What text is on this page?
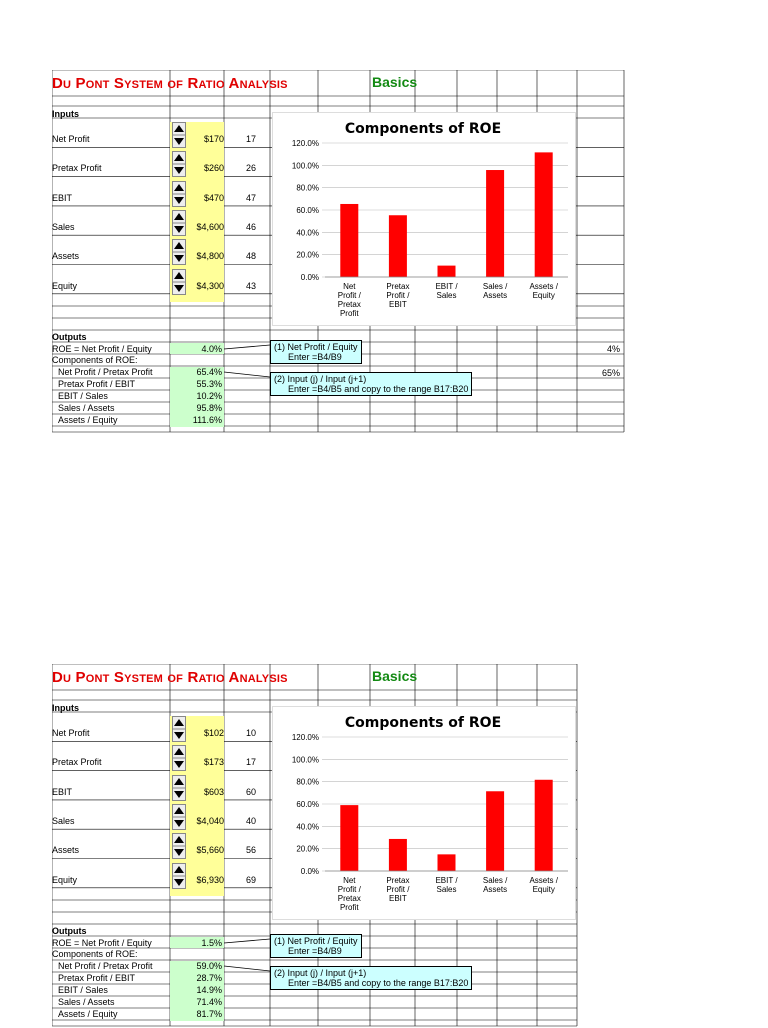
Du Pont System of Ratio Analysis	Basics
Inputs
Net Profit	$170	17
Pretax Profit	$260	26
EBIT	$470	47
Sales	$4,600	46
Assets	$4,800	48
Equity	$4,300	43
Outputs
ROE = Net Profit / Equity	4.0%
Components of ROE:
Net Profit / Pretax Profit	65.4%
Pretax Profit / EBIT	55.3%
EBIT / Sales	10.2%
Sales / Assets	95.8%
Assets / Equity	111.6%
4%
65%
(1) Net Profit / Equity
Enter =B4/B9
(2) Input (j) / Input (j+1)
Enter =B4/B5 and copy to the range B17:B20
Components of ROE
0.0%
20.0%
40.0%
60.0%
80.0%
100.0%
120.0%
Net
Profit /
Pretax
Profit
Pretax
Profit /
EBIT
EBIT /
Sales
Sales /
Assets
Assets /
Equity
Du Pont System of Ratio Analysis	Basics
Inputs
Net Profit	$102	10
Pretax Profit	$173	17
EBIT	$603	60
Sales	$4,040	40
Assets	$5,660	56
Equity	$6,930	69
Outputs
ROE = Net Profit / Equity	1.5%
Components of ROE:
Net Profit / Pretax Profit	59.0%
Pretax Profit / EBIT	28.7%
EBIT / Sales	14.9%
Sales / Assets	71.4%
Assets / Equity	81.7%
(1) Net Profit / Equity
Enter =B4/B9
(2) Input (j) / Input (j+1)
Enter =B4/B5 and copy to the range B17:B20
Components of ROE
0.0%
20.0%
40.0%
60.0%
80.0%
100.0%
120.0%
Net
Profit /
Pretax
Profit
Pretax
Profit /
EBIT
EBIT /
Sales
Sales /
Assets
Assets /
Equity
